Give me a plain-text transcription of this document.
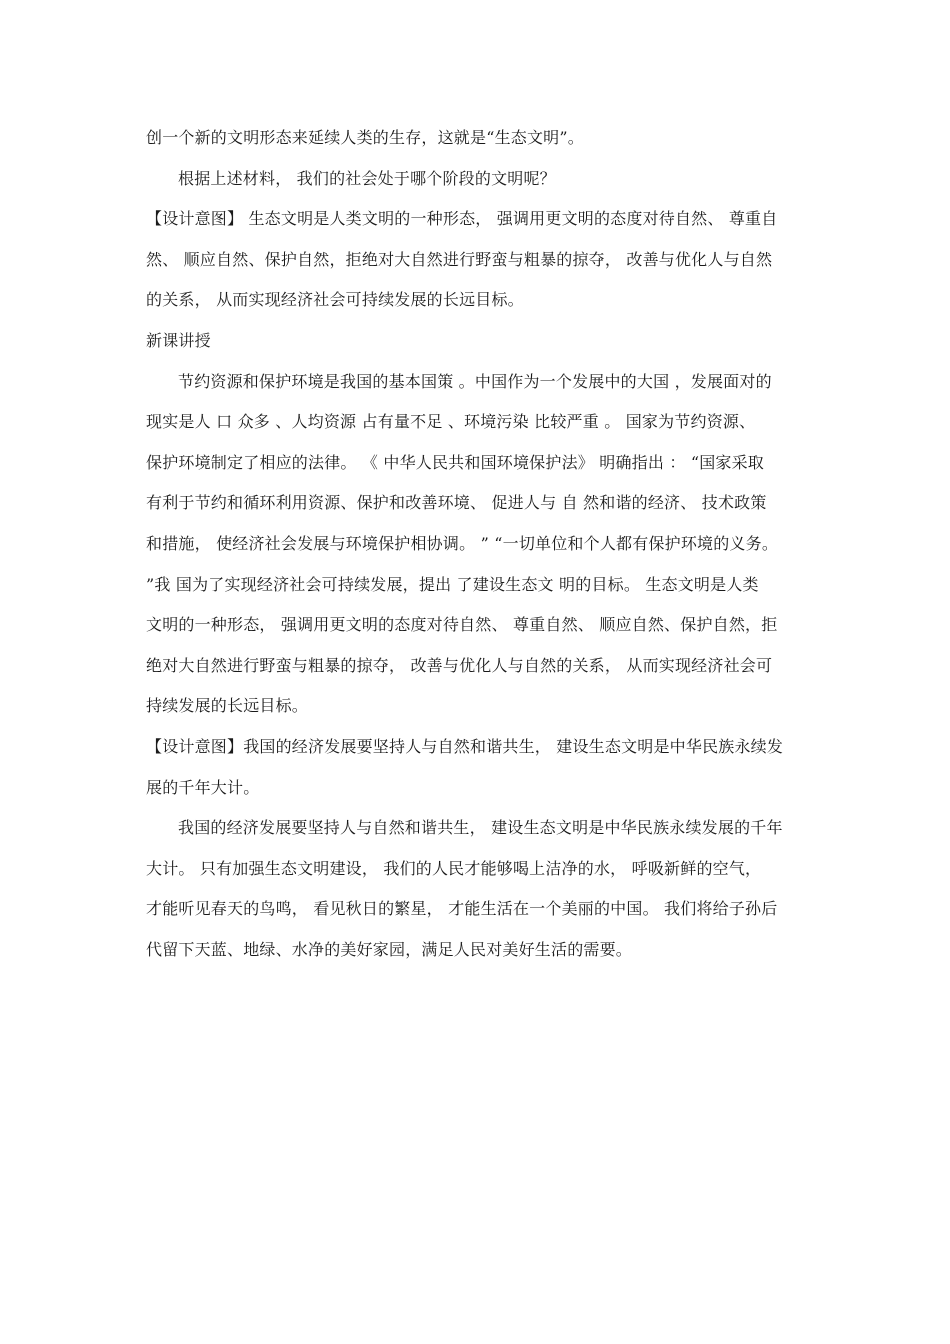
创一个新的文明形态来延续人类的生存，这就是“生态文明”。
根据上述材料， 我们的社会处于哪个阶段的文明呢？
【设计意图】 生态文明是人类文明的一种形态， 强调用更文明的态度对待自然、 尊重自
然、 顺应自然、保护自然，拒绝对大自然进行野蛮与粗暴的掠夺， 改善与优化人与自然
的关系， 从而实现经济社会可持续发展的长远目标。
新课讲授
节约资源和保护环境是我国的基本国策 。中国作为一个发展中的大国 ，发展面对的
现实是人 口 众多 、人均资源 占有量不足 、环境污染 比较严重 。 国家为节约资源、
保护环境制定了相应的法律。 《 中华人民共和国环境保护法》 明确指出 ： “国家采取
有利于节约和循环利用资源、保护和改善环境、 促进人与 自 然和谐的经济、 技术政策
和措施， 使经济社会发展与环境保护相协调。 ” “一切单位和个人都有保护环境的义务。
”我 国为了实现经济社会可持续发展，提出 了建设生态文 明的目标。 生态文明是人类
文明的一种形态， 强调用更文明的态度对待自然、 尊重自然、 顺应自然、保护自然，拒
绝对大自然进行野蛮与粗暴的掠夺， 改善与优化人与自然的关系， 从而实现经济社会可
持续发展的长远目标。
【设计意图】我国的经济发展要坚持人与自然和谐共生， 建设生态文明是中华民族永续发
展的千年大计。
我国的经济发展要坚持人与自然和谐共生， 建设生态文明是中华民族永续发展的千年
大计。 只有加强生态文明建设， 我们的人民才能够喝上洁净的水， 呼吸新鲜的空气，
才能听见春天的鸟鸣， 看见秋日的繁星， 才能生活在一个美丽的中国。 我们将给子孙后
代留下天蓝、地绿、水净的美好家园，满足人民对美好生活的需要。
